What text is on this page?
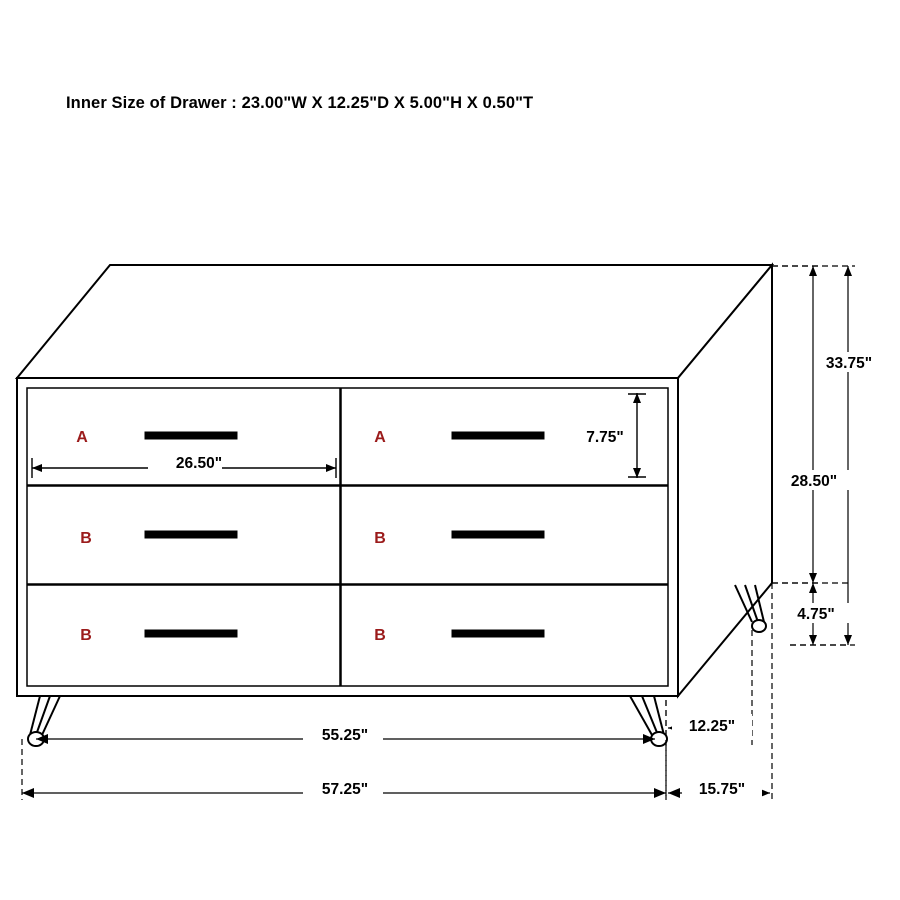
Inner Size of Drawer : 23.00"W X 12.25"D X 5.00"H X 0.50"T
A	A
B	B
B	B
33.75"
28.50"
4.75"
7.75"
26.50"
55.25"
57.25"
12.25"
15.75"
